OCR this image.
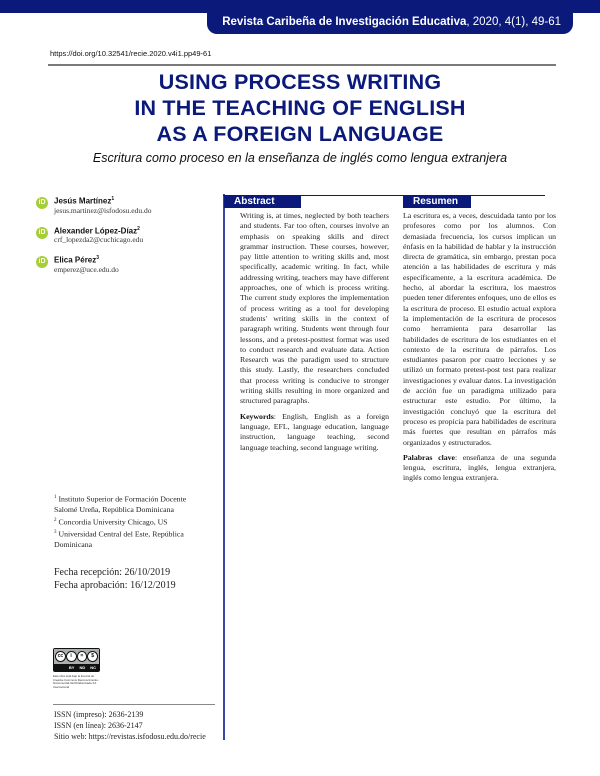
Revista Caribeña de Investigación Educativa, 2020, 4(1), 49-61
https://doi.org/10.32541/recie.2020.v4i1.pp49-61
USING PROCESS WRITING
IN THE TEACHING OF ENGLISH
AS A FOREIGN LANGUAGE
Escritura como proceso en la enseñanza de inglés como lengua extranjera
iD	Jesús Martínez$^1$
jesus.martinez@isfodosu.edu.do
iD	Alexander López-Díaz$^2$
crf_lopezda2@cuchicago.edu
iD	Elica Pérez$^3$
emperez@uce.edu.do
$^1$ Instituto Superior de Formación Docente Salomé Ureña, República Dominicana
$^2$ Concordia University Chicago, US
$^3$ Universidad Central del Este, República Dominicana
Fecha recepción: 26/10/2019
Fecha aprobación: 16/12/2019
cc	i	=	$
BY ND NC
Esta obra está bajo la licencia de Creative Commons Reconocimiento-NoComercial-SinObraDerivada 4.0 Internacional
ISSN (impreso): 2636-2139
ISSN (en línea): 2636-2147
Sitio web: https://revistas.isfodosu.edu.do/recie
Abstract	Resumen

Writing is, at times, neglected by both teachers and students. Far too often, courses involve an emphasis on speaking skills and direct grammar instruction. These courses, however, pay little attention to writing skills and, most specifically, academic writing. In fact, while addressing writing, teachers may have different approaches, one of which is process writing. The current study explores the implementation of process writing as a tool for developing students' writing skills in the context of paragraph writing. Students went through four lessons, and a pretest-posttest format was used to conduct research and evaluate data. Action Research was the paradigm used to structure this study. Lastly, the researchers concluded that process writing is conducive to stronger writing skills resulting in more organized and structured paragraphs.

Keywords: English, English as a foreign language, EFL, language education, language instruction, language teaching, second language teaching, second language writing.

La escritura es, a veces, descuidada tanto por los profesores como por los alumnos. Con demasiada frecuencia, los cursos implican un énfasis en la habilidad de hablar y la instrucción directa de gramática, sin embargo, prestan poca atención a las habilidades de escritura y más específicamente, a la escritura académica. De hecho, al abordar la escritura, los maestros pueden tener diferentes enfoques, uno de ellos es la escritura de proceso. El estudio actual explora la implementación de la escritura de procesos como herramienta para desarrollar las habilidades de escritura de los estudiantes en el contexto de la escritura de párrafos. Los estudiantes pasaron por cuatro lecciones y se utilizó un formato pretest-post test para realizar investigaciones y evaluar datos. La investigación de acción fue un paradigma utilizado para estructurar este estudio. Por último, la investigación concluyó que la escritura del proceso es propicia para habilidades de escritura más fuertes que resultan en párrafos más organizados y estructurados.

Palabras clave: enseñanza de una segunda lengua, escritura, inglés, lengua extranjera, inglés como lengua extranjera.
